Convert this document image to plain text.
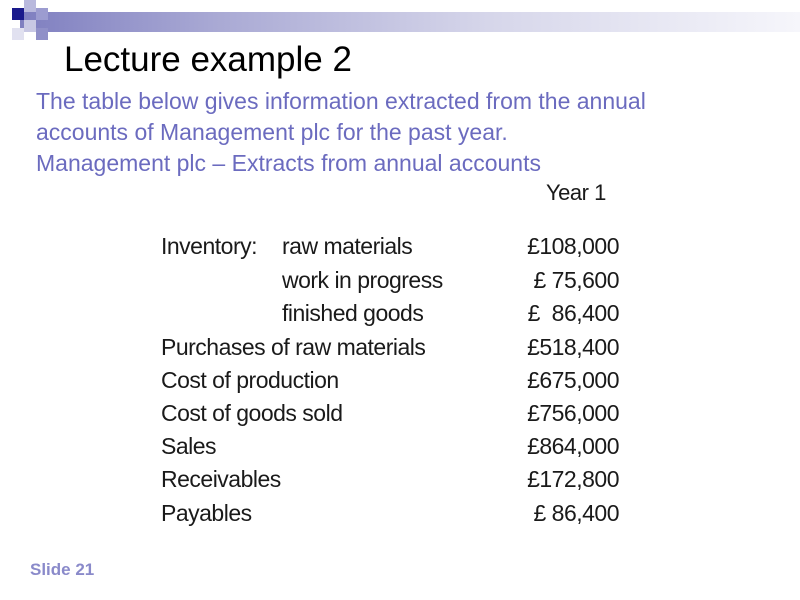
Lecture example 2
The table below gives information extracted from the annual
accounts of Management plc for the past year.
Management plc – Extracts from annual accounts
Year 1
Inventory: raw materials	£108,000
work in progress	£ 75,600
finished goods	£  86,400
Purchases of raw materials	£518,400
Cost of production	£675,000
Cost of goods sold	£756,000
Sales	£864,000
Receivables	£172,800
Payables	£ 86,400
Slide 21
